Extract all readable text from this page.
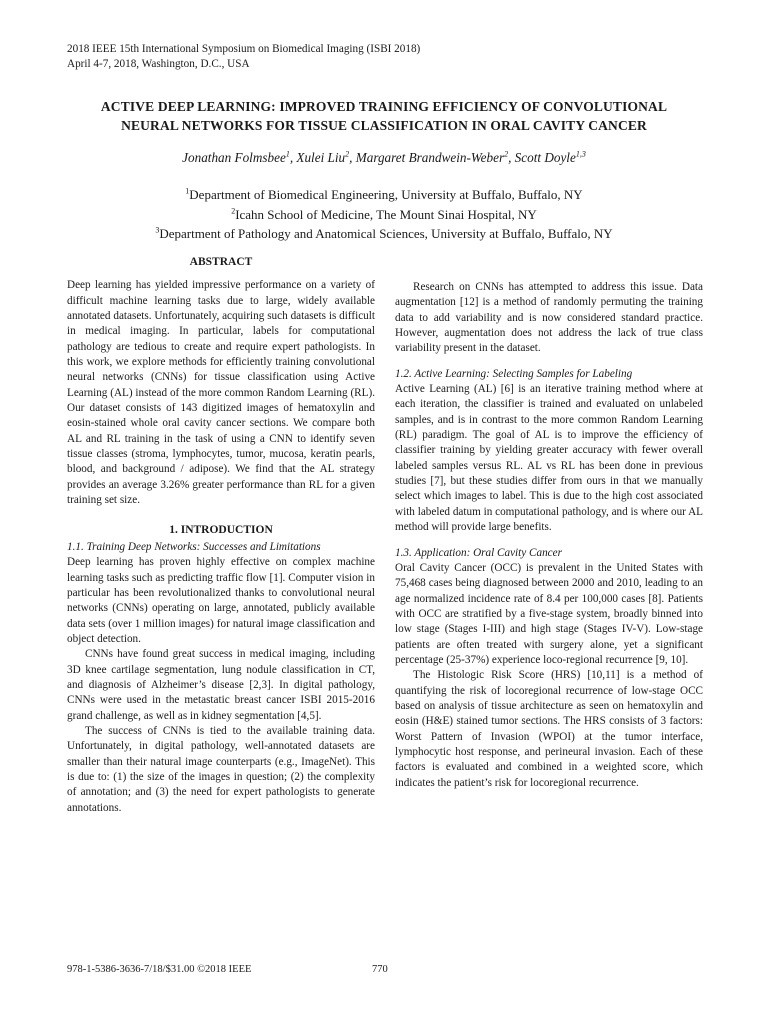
2018 IEEE 15th International Symposium on Biomedical Imaging (ISBI 2018)
April 4-7, 2018, Washington, D.C., USA
ACTIVE DEEP LEARNING: IMPROVED TRAINING EFFICIENCY OF CONVOLUTIONAL
NEURAL NETWORKS FOR TISSUE CLASSIFICATION IN ORAL CAVITY CANCER
Jonathan Folmsbee$^1$, Xulei Liu$^2$, Margaret Brandwein-Weber$^2$, Scott Doyle$^{1,3}$
$^1$Department of Biomedical Engineering, University at Buffalo, Buffalo, NY
$^2$Icahn School of Medicine, The Mount Sinai Hospital, NY
$^3$Department of Pathology and Anatomical Sciences, University at Buffalo, Buffalo, NY

ABSTRACT

Deep learning has yielded impressive performance on a variety of difficult machine learning tasks due to large, widely available annotated datasets. Unfortunately, acquiring such datasets is difficult in medical imaging. In particular, labels for computational pathology are tedious to create and require expert pathologists. In this work, we explore methods for efficiently training convolutional neural networks (CNNs) for tissue classification using Active Learning (AL) instead of the more common Random Learning (RL). Our dataset consists of 143 digitized images of hematoxylin and eosin-stained whole oral cavity cancer sections. We compare both AL and RL training in the task of using a CNN to identify seven tissue classes (stroma, lymphocytes, tumor, mucosa, keratin pearls, blood, and background / adipose). We find that the AL strategy provides an average 3.26% greater performance than RL for a given training set size.

1. INTRODUCTION

1.1. Training Deep Networks: Successes and Limitations

Deep learning has proven highly effective on complex machine learning tasks such as predicting traffic flow [1]. Computer vision in particular has been revolutionalized thanks to convolutional neural networks (CNNs) operating on large, annotated, publicly available data sets (over 1 million images) for natural image classification and object detection.

CNNs have found great success in medical imaging, including 3D knee cartilage segmentation, lung nodule classification in CT, and diagnosis of Alzheimer’s disease [2,3]. In digital pathology, CNNs were used in the metastatic breast cancer ISBI 2015-2016 grand challenge, as well as in kidney segmentation [4,5].

The success of CNNs is tied to the available training data. Unfortunately, in digital pathology, well-annotated datasets are smaller than their natural image counterparts (e.g., ImageNet). This is due to: (1) the size of the images in question; (2) the complexity of annotation; and (3) the need for expert pathologists to generate annotations.

Research on CNNs has attempted to address this issue. Data augmentation [12] is a method of randomly permuting the training data to add variability and is now considered standard practice. However, augmentation does not address the lack of true class variability present in the dataset.

1.2. Active Learning: Selecting Samples for Labeling

Active Learning (AL) [6] is an iterative training method where at each iteration, the classifier is trained and evaluated on unlabeled samples, and is in contrast to the more common Random Learning (RL) paradigm. The goal of AL is to improve the efficiency of classifier training by yielding greater accuracy with fewer overall labeled samples versus RL. AL vs RL has been done in previous studies [7], but these studies differ from ours in that we manually select which images to label. This is due to the high cost associated with labeled datum in computational pathology, and is where our AL method will provide large benefits.

1.3. Application: Oral Cavity Cancer

Oral Cavity Cancer (OCC) is prevalent in the United States with 75,468 cases being diagnosed between 2000 and 2010, leading to an age normalized incidence rate of 8.4 per 100,000 cases [8]. Patients with OCC are stratified by a five-stage system, broadly binned into low stage (Stages I-III) and high stage (Stages IV-V). Low-stage patients are often treated with surgery alone, yet a significant percentage (25-37%) experience loco-regional recurrence [9, 10].

The Histologic Risk Score (HRS) [10,11] is a method of quantifying the risk of locoregional recurrence of low-stage OCC based on analysis of tissue architecture as seen on hematoxylin and eosin (H&E) stained tumor sections. The HRS consists of 3 factors: Worst Pattern of Invasion (WPOI) at the tumor interface, lymphocytic host response, and perineural invasion. Each of these factors is evaluated and combined in a weighted score, which indicates the patient’s risk for locoregional recurrence.

978-1-5386-3636-7/18/$31.00 ©2018 IEEE	770
